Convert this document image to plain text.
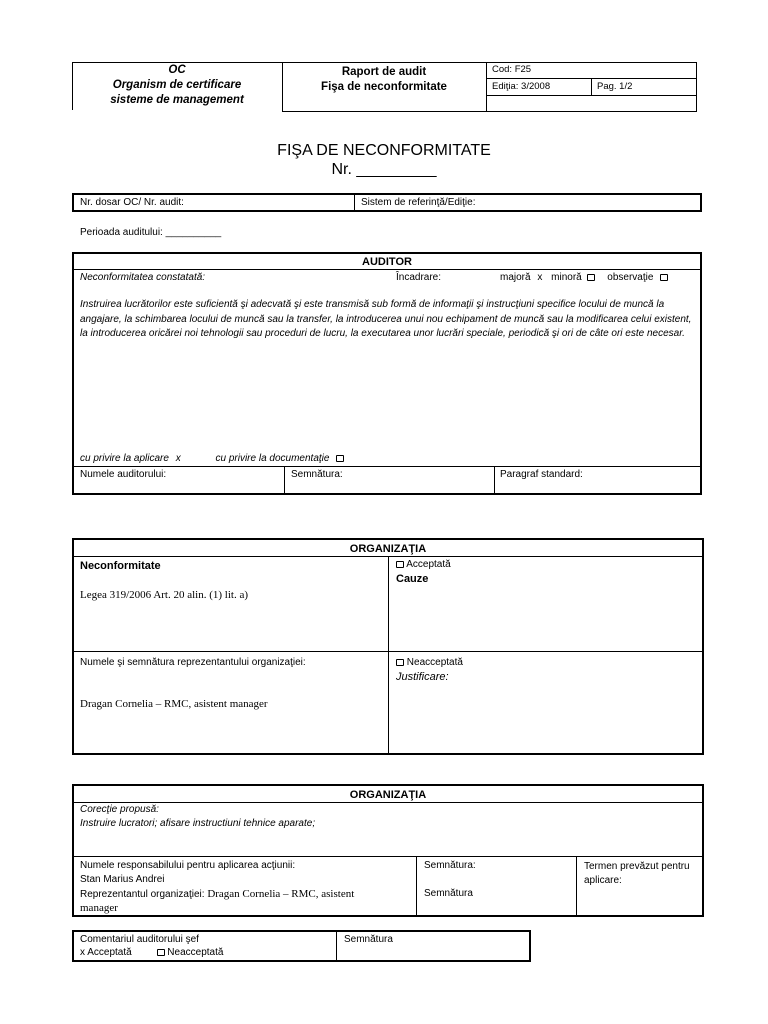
OC
Organism de certificare
sisteme de management
Raport de audit
Fişa de neconformitate
Cod: F25
Ediţia: 3/2008	Pag. 1/2
FIŞA DE NECONFORMITATE
Nr. _________
Nr. dosar OC/ Nr. audit:	Sistem de referinţă/Ediţie:
Perioada auditului: __________
AUDITOR
Neconformitatea constatată:	Încadrare:	majoră x minoră	observaţie
Instruirea lucrătorilor este suficientă şi adecvată şi este transmisă sub formă de informaţii şi instrucţiuni specifice locului de muncă la angajare, la schimbarea locului de muncă sau la transfer, la introducerea unui nou echipament de muncă sau la modificarea celui existent, la introducerea oricărei noi tehnologii sau proceduri de lucru, la executarea unor lucrări speciale, periodică şi ori de câte ori este necesar.
cu privire la aplicare x	cu privire la documentaţie
Numele auditorului:	Semnătura:	Paragraf standard:
ORGANIZAŢIA
Neconformitate
Legea 319/2006 Art. 20 alin. (1) lit. a)
Acceptată
Cauze
Numele şi semnătura reprezentantului organizaţiei:
Dragan Cornelia – RMC, asistent manager
Neacceptată
Justificare:
ORGANIZAŢIA
Corecţie propusă:
Instruire lucratori; afisare instructiuni tehnice aparate;
Numele responsabilului pentru aplicarea acţiunii:
Stan Marius Andrei
Reprezentantul organizaţiei: Dragan Cornelia – RMC, asistent
manager
Semnătura:
Semnătura
Termen prevăzut pentru aplicare:
Comentariul auditorului şef
x Acceptată	Neacceptată
Semnătura
